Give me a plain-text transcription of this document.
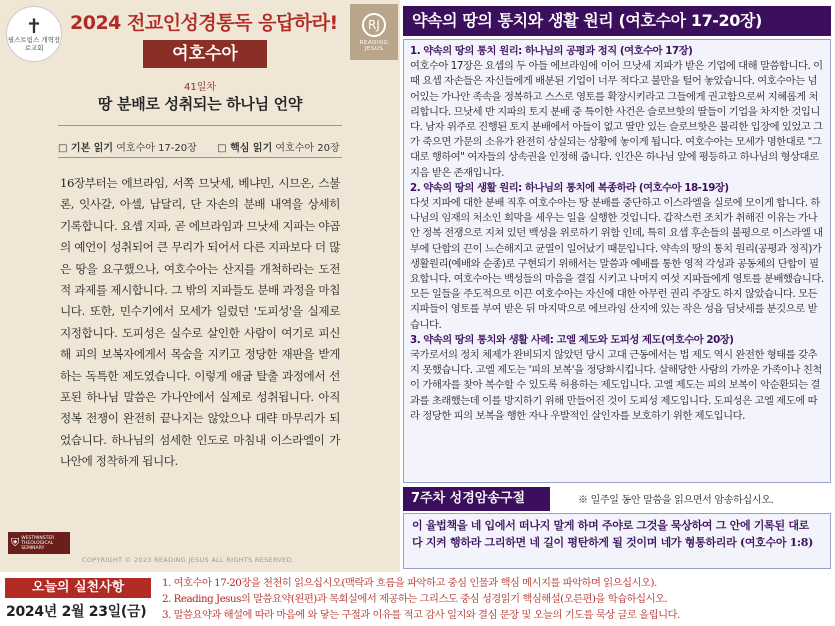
✝
필스트림스 개혁장로교회
2024 전교인성경통독 응답하라!
여호수아
RJ
READING JESUS
41일차
땅 분배로 성취되는 하나님 언약
□ 기본 읽기 여호수아 17-20장 □ 핵심 읽기 여호수아 20장
16장부터는 에브라임, 서쪽 므낫세, 베냐민, 시므온, 스불론, 잇사갈, 아셀, 납달리, 단 자손의 분배 내역을 상세히 기록합니다. 요셉 지파, 곧 에브라임과 므낫세 지파는 야곱의 예언이 성취되어 큰 무리가 되어서 다른 지파보다 더 많은 땅을 요구했으나, 여호수아는 산지를 개척하라는 도전적 과제를 제시합니다. 그 밖의 지파들도 분배 과정을 마칩니다. 또한, 민수기에서 모세가 일렀던 '도피성'을 실제로 지정합니다. 도피성은 실수로 살인한 사람이 여기로 피신해 피의 보복자에게서 목숨을 지키고 정당한 재판을 받게 하는 독특한 제도였습니다. 이렇게 애굽 탈출 과정에서 선포된 하나님 말씀은 가나안에서 실제로 성취됩니다. 아직 정복 전쟁이 완전히 끝나지는 않았으나 대략 마무리가 되었습니다. 하나님의 섬세한 인도로 마침내 이스라엘이 가나안에 정착하게 됩니다.
⛨ WESTMINSTER THEOLOGICAL SEMINARY
COPYRIGHT © 2023 READING JESUS ALL RIGHTS RESERVED.
약속의 땅의 통치와 생활 원리 (여호수아 17-20장)

1. 약속의 땅의 통치 원리: 하나님의 공평과 정직 (여호수아 17장)
여호수아 17장은 요셉의 두 아들 에브라임에 이어 므낫세 지파가 받은 기업에 대해 말씀합니다. 이때 요셉 자손들은 자신들에게 배분된 기업이 너무 적다고 불만을 털어 놓았습니다. 여호수아는 넘어있는 가나안 족속을 정복하고 스스로 영토를 확장시키라고 그들에게 권고함으로써 지혜롭게 처리합니다. 므낫세 반 지파의 토지 분배 중 특이한 사건은 슬로브핫의 딸들이 기업을 차지한 것입니다. 남자 위주로 진행된 토지 분배에서 아들이 없고 딸만 있는 슬로브핫은 불리한 입장에 있었고 그가 죽으면 가문의 소유가 완전히 상실되는 상황에 놓이게 됩니다. 여호수아는 모세가 명한대로 "그대로 행하여" 여자들의 상속권을 인정해 줍니다. 인간은 하나님 앞에 평등하고 하나님의 형상대로 지음 받은 존재입니다.

2. 약속의 땅의 생활 원리: 하나님의 통치에 복종하라 (여호수아 18-19장)
다섯 지파에 대한 분배 직후 여호수아는 땅 분배를 중단하고 이스라엘을 실로에 모이게 합니다. 하나님의 임재의 처소인 회막을 세우는 일을 실행한 것입니다. 갑작스런 조치가 취해진 이유는 가나안 정복 전쟁으로 지쳐 있던 백성을 위로하기 위함 인데, 특히 요셉 후손들의 불평으로 이스라엘 내부에 단합의 끈이 느슨해지고 균열이 일어났기 때문입니다. 약속의 땅의 통치 원리(공평과 정직)가 생활원리(예배와 순종)로 구현되기 위해서는 말씀과 예배를 통한 영적 각성과 공동체의 단합이 필요합니다. 여호수아는 백성들의 마음을 결집 시키고 나머지 여섯 지파들에게 영토를 분배했습니다. 모든 일들을 주도적으로 이끈 여호수아는 자신에 대한 아무런 권리 주장도 하지 않았습니다. 모든 지파들이 영토를 부여 받은 뒤 마지막으로 에브라임 산지에 있는 작은 성읍 딤낫세를 분깃으로 받습니다.

3. 약속의 땅의 통치와 생활 사례: 고엘 제도와 도피성 제도(여호수아 20장)
국가로서의 정치 체제가 완비되지 않았던 당시 고대 근동에서는 법 제도 역시 완전한 형태를 갖추지 못했습니다. 고엘 제도는 '피의 보복'을 정당화시킵니다. 살해당한 사람의 가까운 가족이나 친척이 가해자를 찾아 복수할 수 있도록 허용하는 제도입니다. 고엘 제도는 피의 보복이 악순환되는 결과를 초래했는데 이를 방지하기 위해 만들어진 것이 도피성 제도입니다. 도피성은 고엘 제도에 따라 정당한 피의 보복을 행한 자나 우발적인 살인자를 보호하기 위한 제도입니다.

7주차 성경암송구절	※ 일주일 동안 말씀을 읽으면서 암송하십시오.
이 율법책을 네 입에서 떠나지 말게 하며 주야로 그것을 묵상하여 그 안에 기록된 대로 다 지켜 행하라 그리하면 네 길이 평탄하게 될 것이며 네가 형통하리라 (여호수아 1:8)
오늘의 실천사항
2024년 2월 23일(금)
1. 여호수아 17-20장을 천천히 읽으십시오(맥락과 흐름을 파악하고 중심 인물과 핵심 메시지를 파악하며 읽으십시오).
2. Reading Jesus의 말씀요약(왼편)과 목회실에서 제공하는 그리스도 중심 성경읽기 핵심해설(오른편)을 학습하십시오.
3. 말씀요약과 해설에 따라 마음에 와 닿는 구절과 이유를 적고 감사 일지와 결심 문장 및 오늘의 기도를 묵상 글로 올립니다.
